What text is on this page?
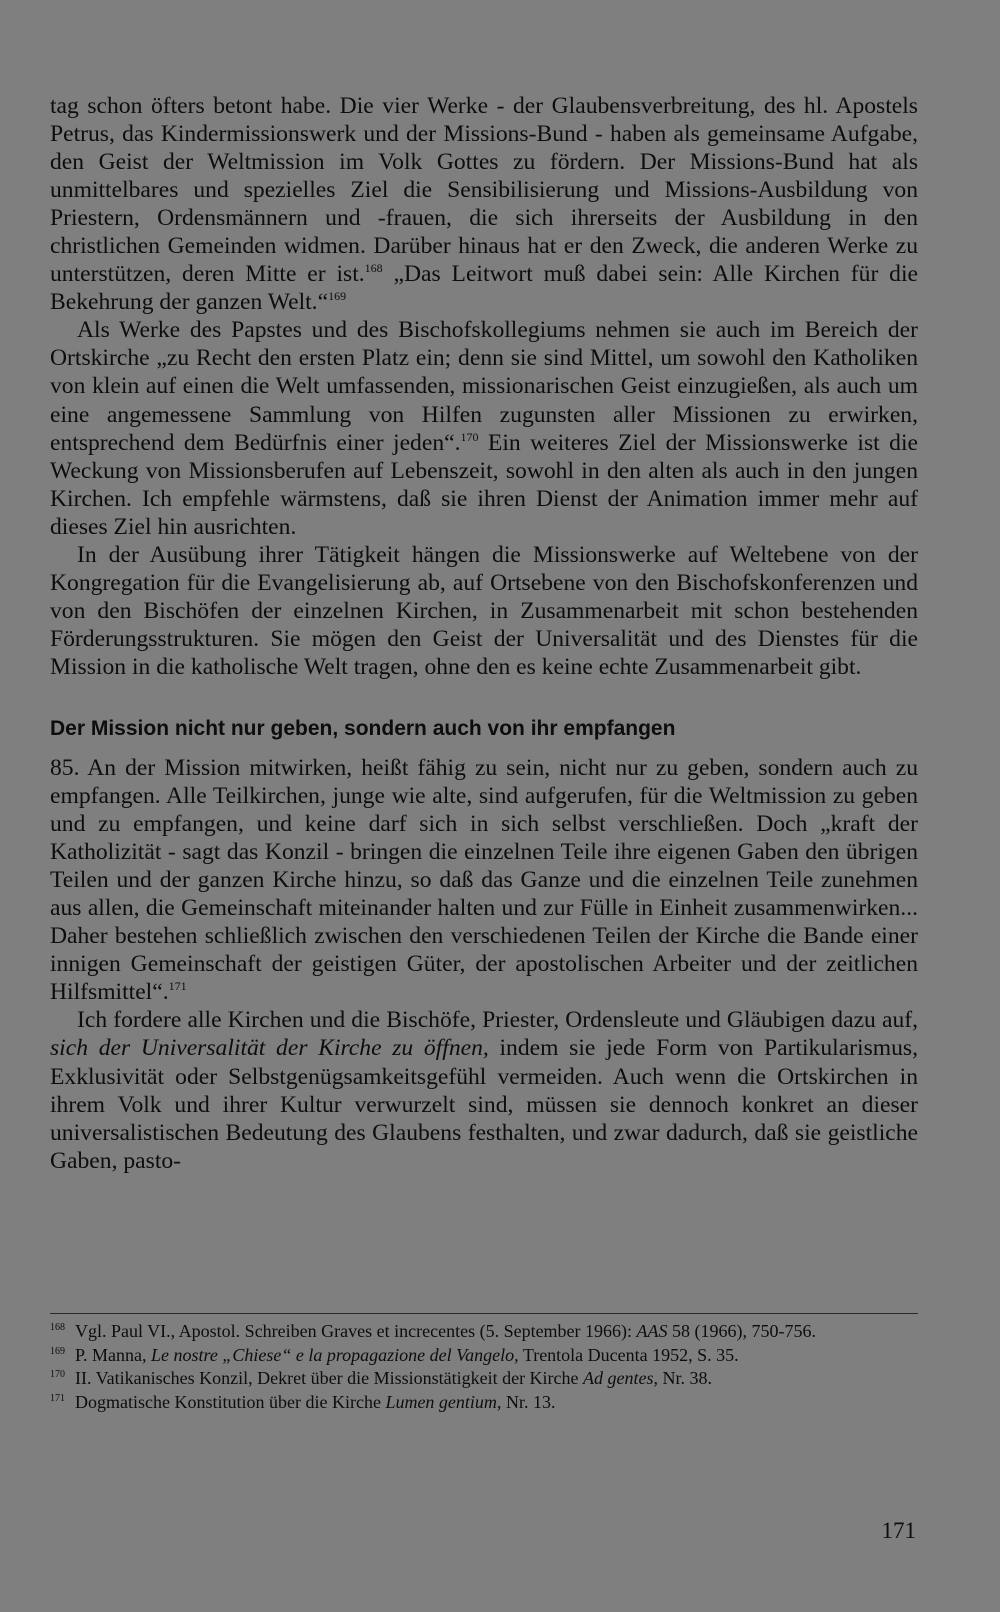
tag schon öfters betont habe. Die vier Werke - der Glaubensverbreitung, des hl. Apostels Petrus, das Kindermissionswerk und der Missions-Bund - haben als gemeinsame Aufgabe, den Geist der Weltmission im Volk Gottes zu fördern. Der Missions-Bund hat als unmittelbares und spezielles Ziel die Sensibilisierung und Missions-Ausbildung von Priestern, Ordensmännern und -frauen, die sich ihrerseits der Ausbildung in den christlichen Gemeinden widmen. Darüber hinaus hat er den Zweck, die anderen Werke zu unterstützen, deren Mitte er ist.$^{168}$ „Das Leitwort muß dabei sein: Alle Kirchen für die Bekehrung der ganzen Welt.“$^{169}$

Als Werke des Papstes und des Bischofskollegiums nehmen sie auch im Bereich der Ortskirche „zu Recht den ersten Platz ein; denn sie sind Mittel, um sowohl den Katholiken von klein auf einen die Welt umfassenden, missionarischen Geist einzugießen, als auch um eine angemessene Sammlung von Hilfen zugunsten aller Missionen zu erwirken, entsprechend dem Bedürfnis einer jeden“.$^{170}$ Ein weiteres Ziel der Missionswerke ist die Weckung von Missionsberufen auf Lebenszeit, sowohl in den alten als auch in den jungen Kirchen. Ich empfehle wärmstens, daß sie ihren Dienst der Animation immer mehr auf dieses Ziel hin ausrichten.

In der Ausübung ihrer Tätigkeit hängen die Missionswerke auf Weltebene von der Kongregation für die Evangelisierung ab, auf Ortsebene von den Bischofskonferenzen und von den Bischöfen der einzelnen Kirchen, in Zusammenarbeit mit schon bestehenden Förderungsstrukturen. Sie mögen den Geist der Universalität und des Dienstes für die Mission in die katholische Welt tragen, ohne den es keine echte Zusammenarbeit gibt.

Der Mission nicht nur geben, sondern auch von ihr empfangen

85. An der Mission mitwirken, heißt fähig zu sein, nicht nur zu geben, sondern auch zu empfangen. Alle Teilkirchen, junge wie alte, sind aufgerufen, für die Weltmission zu geben und zu empfangen, und keine darf sich in sich selbst verschließen. Doch „kraft der Katholizität - sagt das Konzil - bringen die einzelnen Teile ihre eigenen Gaben den übrigen Teilen und der ganzen Kirche hinzu, so daß das Ganze und die einzelnen Teile zunehmen aus allen, die Gemeinschaft miteinander halten und zur Fülle in Einheit zusammenwirken... Daher bestehen schließlich zwischen den verschiedenen Teilen der Kirche die Bande einer innigen Gemeinschaft der geistigen Güter, der apostolischen Arbeiter und der zeitlichen Hilfsmittel“.$^{171}$

Ich fordere alle Kirchen und die Bischöfe, Priester, Ordensleute und Gläubigen dazu auf, sich der Universalität der Kirche zu öffnen, indem sie jede Form von Partikularismus, Exklusivität oder Selbstgenügsamkeitsgefühl vermeiden. Auch wenn die Ortskirchen in ihrem Volk und ihrer Kultur verwurzelt sind, müssen sie dennoch konkret an dieser universalistischen Bedeutung des Glaubens festhalten, und zwar dadurch, daß sie geistliche Gaben, pasto-

$^{168}$ Vgl. Paul VI., Apostol. Schreiben Graves et increcentes (5. September 1966): AAS 58 (1966), 750-756.

$^{169}$ P. Manna, Le nostre „Chiese“ e la propagazione del Vangelo, Trentola Ducenta 1952, S. 35.

$^{170}$ II. Vatikanisches Konzil, Dekret über die Missionstätigkeit der Kirche Ad gentes, Nr. 38.

$^{171}$ Dogmatische Konstitution über die Kirche Lumen gentium, Nr. 13.

171
